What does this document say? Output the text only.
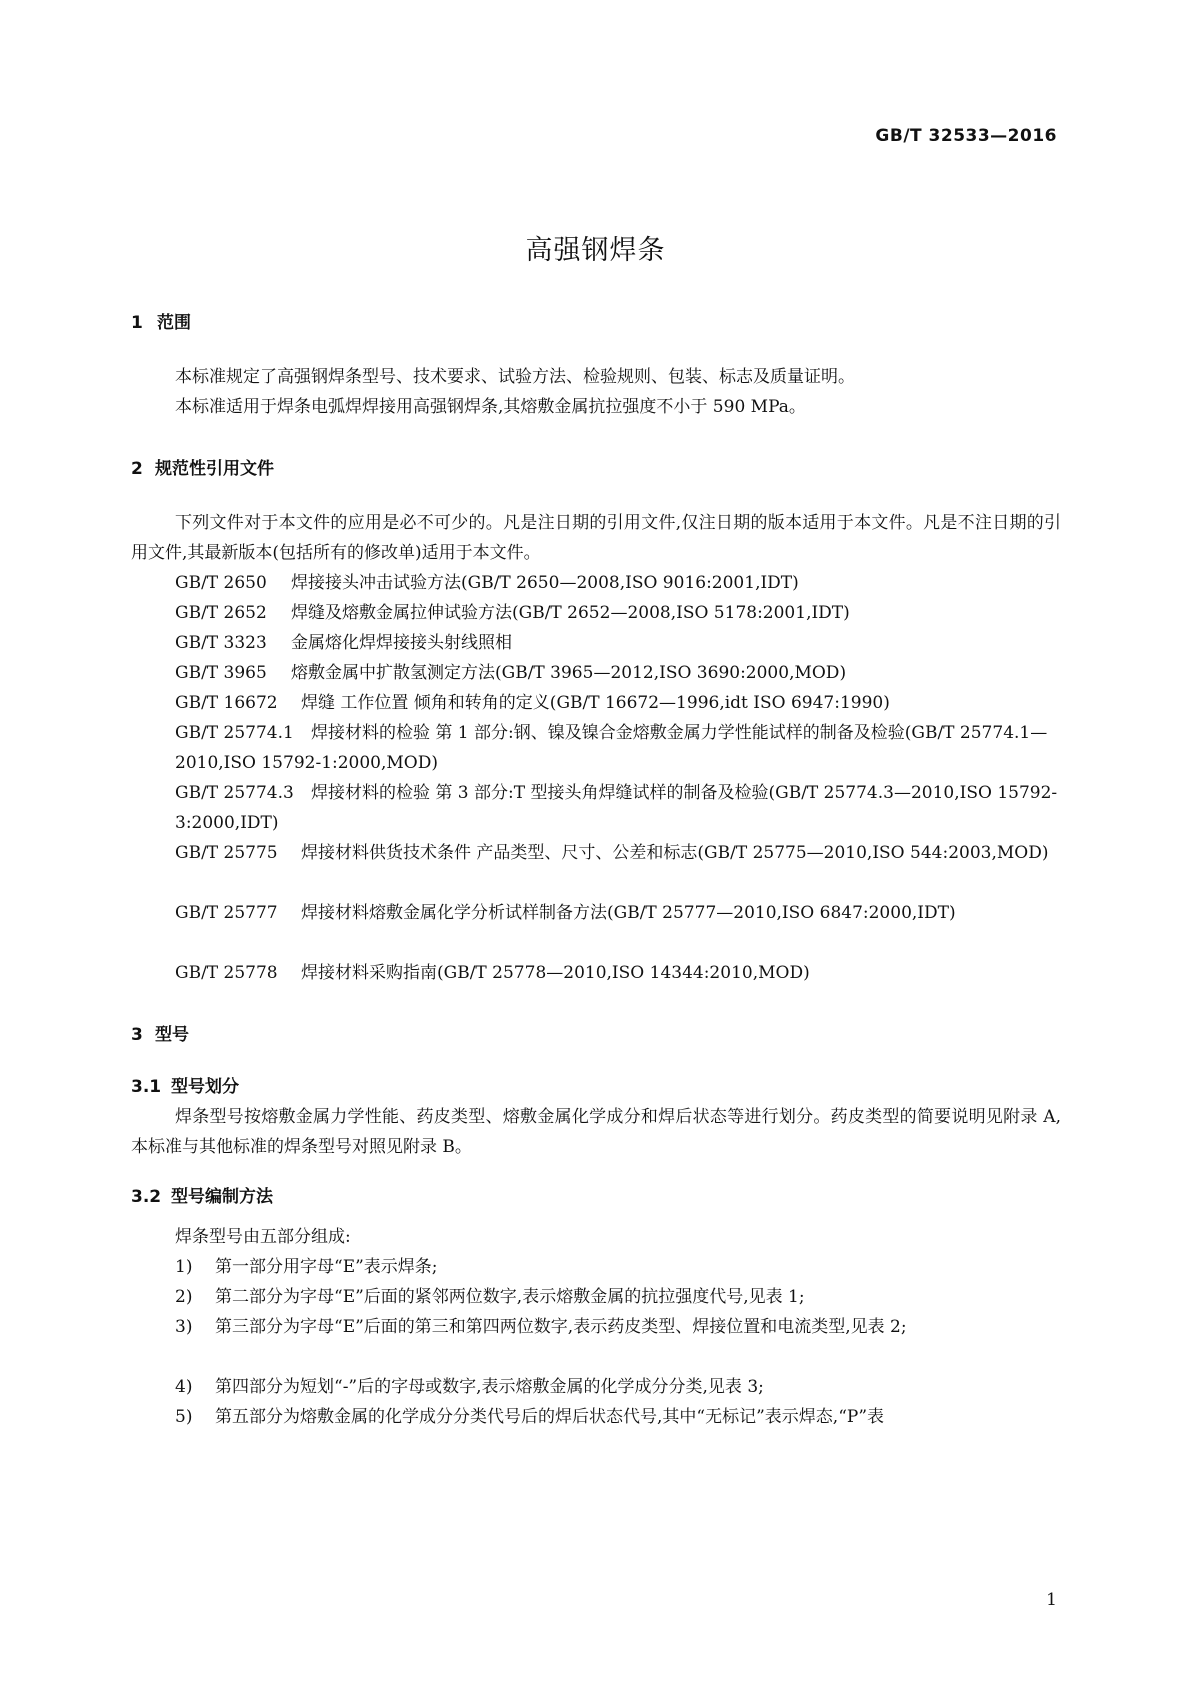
GB/T 32533—2016
高强钢焊条
1 范围
本标准规定了高强钢焊条型号、技术要求、试验方法、检验规则、包装、标志及质量证明。
本标准适用于焊条电弧焊焊接用高强钢焊条,其熔敷金属抗拉强度不小于 590 MPa。
2 规范性引用文件
下列文件对于本文件的应用是必不可少的。凡是注日期的引用文件,仅注日期的版本适用于本文件。凡是不注日期的引用文件,其最新版本(包括所有的修改单)适用于本文件。
GB/T 2650 焊接接头冲击试验方法(GB/T 2650—2008,ISO 9016:2001,IDT)
GB/T 2652 焊缝及熔敷金属拉伸试验方法(GB/T 2652—2008,ISO 5178:2001,IDT)
GB/T 3323 金属熔化焊焊接接头射线照相
GB/T 3965 熔敷金属中扩散氢测定方法(GB/T 3965—2012,ISO 3690:2000,MOD)
GB/T 16672 焊缝 工作位置 倾角和转角的定义(GB/T 16672—1996,idt ISO 6947:1990)
GB/T 25774.1 焊接材料的检验 第 1 部分:钢、镍及镍合金熔敷金属力学性能试样的制备及检验(GB/T 25774.1—2010,ISO 15792-1:2000,MOD)
GB/T 25774.3 焊接材料的检验 第 3 部分:T 型接头角焊缝试样的制备及检验(GB/T 25774.3—2010,ISO 15792-3:2000,IDT)
GB/T 25775 焊接材料供货技术条件 产品类型、尺寸、公差和标志(GB/T 25775—2010,ISO 544:2003,MOD)
GB/T 25777 焊接材料熔敷金属化学分析试样制备方法(GB/T 25777—2010,ISO 6847:2000,IDT)
GB/T 25778 焊接材料采购指南(GB/T 25778—2010,ISO 14344:2010,MOD)
3 型号
3.1 型号划分
焊条型号按熔敷金属力学性能、药皮类型、熔敷金属化学成分和焊后状态等进行划分。药皮类型的简要说明见附录 A,本标准与其他标准的焊条型号对照见附录 B。
3.2 型号编制方法
焊条型号由五部分组成:
1) 第一部分用字母“E”表示焊条;
2) 第二部分为字母“E”后面的紧邻两位数字,表示熔敷金属的抗拉强度代号,见表 1;
3) 第三部分为字母“E”后面的第三和第四两位数字,表示药皮类型、焊接位置和电流类型,见表 2;
4) 第四部分为短划“-”后的字母或数字,表示熔敷金属的化学成分分类,见表 3;
5) 第五部分为熔敷金属的化学成分分类代号后的焊后状态代号,其中“无标记”表示焊态,“P”表
1
